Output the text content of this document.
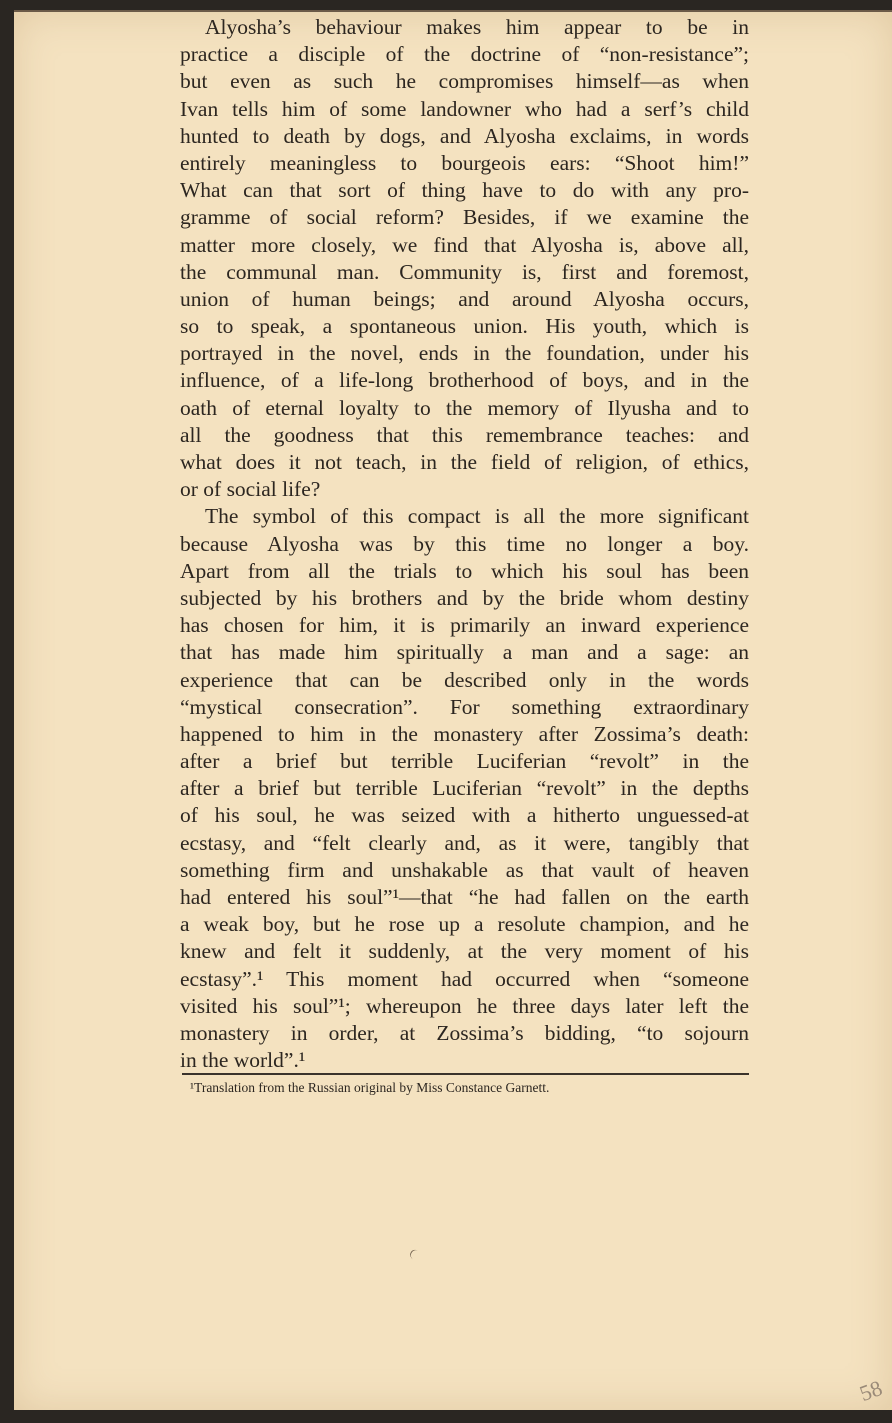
Alyosha’s behaviour makes him appear to be in
practice a disciple of the doctrine of “non-resistance”;
but even as such he compromises himself—as when
Ivan tells him of some landowner who had a serf’s child
hunted to death by dogs, and Alyosha exclaims, in words
entirely meaningless to bourgeois ears: “Shoot him!”
What can that sort of thing have to do with any pro-
gramme of social reform? Besides, if we examine the
matter more closely, we find that Alyosha is, above all,
the communal man. Community is, first and foremost,
union of human beings; and around Alyosha occurs,
so to speak, a spontaneous union. His youth, which is
portrayed in the novel, ends in the foundation, under his
influence, of a life-long brotherhood of boys, and in the
oath of eternal loyalty to the memory of Ilyusha and to
all the goodness that this remembrance teaches: and
what does it not teach, in the field of religion, of ethics,
or of social life?
The symbol of this compact is all the more significant
because Alyosha was by this time no longer a boy.
Apart from all the trials to which his soul has been
subjected by his brothers and by the bride whom destiny
has chosen for him, it is primarily an inward experience
that has made him spiritually a man and a sage: an
experience that can be described only in the words
“mystical consecration”. For something extraordinary
happened to him in the monastery after Zossima’s death:
after a brief but terrible Luciferian “revolt” in the
after a brief but terrible Luciferian “revolt” in the depths
of his soul, he was seized with a hitherto unguessed-at
ecstasy, and “felt clearly and, as it were, tangibly that
something firm and unshakable as that vault of heaven
had entered his soul”¹—that “he had fallen on the earth
a weak boy, but he rose up a resolute champion, and he
knew and felt it suddenly, at the very moment of his
ecstasy”.¹ This moment had occurred when “someone
visited his soul”¹; whereupon he three days later left the
monastery in order, at Zossima’s bidding, “to sojourn
in the world”.¹
¹Translation from the Russian original by Miss Constance Garnett.
58
